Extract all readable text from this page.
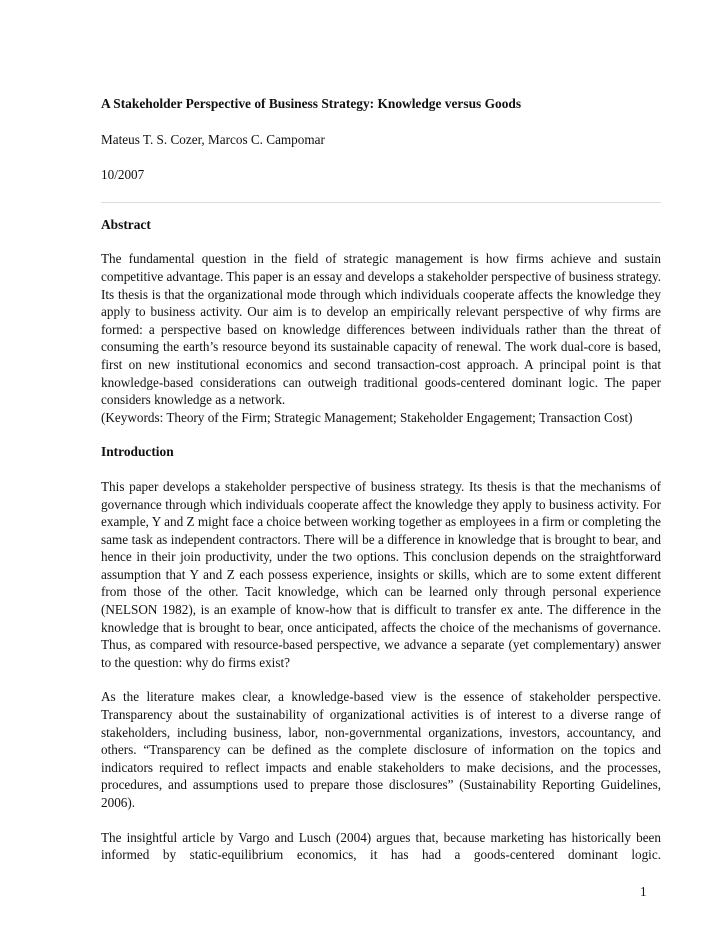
A Stakeholder Perspective of Business Strategy: Knowledge versus Goods
Mateus T. S. Cozer, Marcos C. Campomar
10/2007
Abstract

The fundamental question in the field of strategic management is how firms achieve and sustain competitive advantage. This paper is an essay and develops a stakeholder perspective of business strategy. Its thesis is that the organizational mode through which individuals cooperate affects the knowledge they apply to business activity. Our aim is to develop an empirically relevant perspective of why firms are formed: a perspective based on knowledge differences between individuals rather than the threat of consuming the earth’s resource beyond its sustainable capacity of renewal. The work dual-core is based, first on new institutional economics and second transaction-cost approach. A principal point is that knowledge-based considerations can outweigh traditional goods-centered dominant logic. The paper considers knowledge as a network.

(Keywords: Theory of the Firm; Strategic Management; Stakeholder Engagement; Transaction Cost)

Introduction

This paper develops a stakeholder perspective of business strategy. Its thesis is that the mechanisms of governance through which individuals cooperate affect the knowledge they apply to business activity. For example, Y and Z might face a choice between working together as employees in a firm or completing the same task as independent contractors. There will be a difference in knowledge that is brought to bear, and hence in their join productivity, under the two options. This conclusion depends on the straightforward assumption that Y and Z each possess experience, insights or skills, which are to some extent different from those of the other. Tacit knowledge, which can be learned only through personal experience (NELSON 1982), is an example of know-how that is difficult to transfer ex ante. The difference in the knowledge that is brought to bear, once anticipated, affects the choice of the mechanisms of governance. Thus, as compared with resource-based perspective, we advance a separate (yet complementary) answer to the question: why do firms exist?

As the literature makes clear, a knowledge-based view is the essence of stakeholder perspective. Transparency about the sustainability of organizational activities is of interest to a diverse range of stakeholders, including business, labor, non-governmental organizations, investors, accountancy, and others. “Transparency can be defined as the complete disclosure of information on the topics and indicators required to reflect impacts and enable stakeholders to make decisions, and the processes, procedures, and assumptions used to prepare those disclosures” (Sustainability Reporting Guidelines, 2006).

The insightful article by Vargo and Lusch (2004) argues that, because marketing has historically been informed by static-equilibrium economics, it has had a goods-centered dominant logic.

1
